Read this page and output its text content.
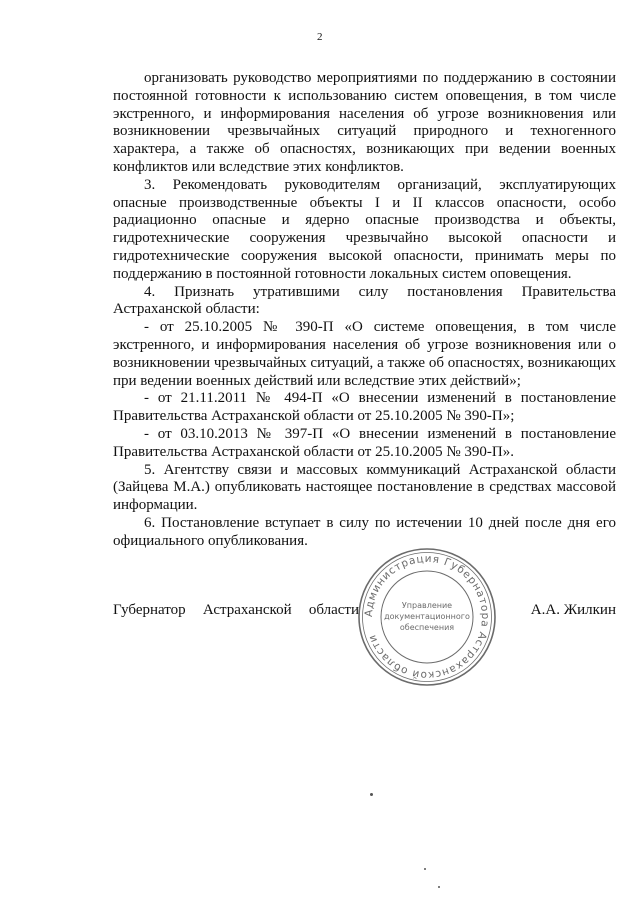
2

организовать руководство мероприятиями по поддержанию в состоянии постоянной готовности к использованию систем оповещения, в том числе экстренного, и информирования населения об угрозе возникновения или возникновении чрезвычайных ситуаций природного и техногенного характера, а также об опасностях, возникающих при ведении военных конфликтов или вследствие этих конфликтов.

3. Рекомендовать руководителям организаций, эксплуатирующих опасные производственные объекты I и II классов опасности, особо радиационно опасные и ядерно опасные производства и объекты, гидротехнические сооружения чрезвычайно высокой опасности и гидротехнические сооружения высокой опасности, принимать меры по поддержанию в постоянной готовности локальных систем оповещения.

4. Признать утратившими силу постановления Правительства Астраханской области:

- от 25.10.2005 № 390-П «О системе оповещения, в том числе экстренного, и информирования населения об угрозе возникновения или о возникновении чрезвычайных ситуаций, а также об опасностях, возникающих при ведении военных действий или вследствие этих действий»;

- от 21.11.2011 № 494-П «О внесении изменений в постановление Правительства Астраханской области от 25.10.2005 № 390-П»;

- от 03.10.2013 № 397-П «О внесении изменений в постановление Правительства Астраханской области от 25.10.2005 № 390-П».

5. Агентству связи и массовых коммуникаций Астраханской области (Зайцева М.А.) опубликовать настоящее постановление в средствах массовой информации.

6. Постановление вступает в силу по истечении 10 дней после дня его официального опубликования.

Губернатор Астраханской области	А.А. Жилкин
Администрация Губернатора Астраханской области
Управление
документационного
обеспечения
